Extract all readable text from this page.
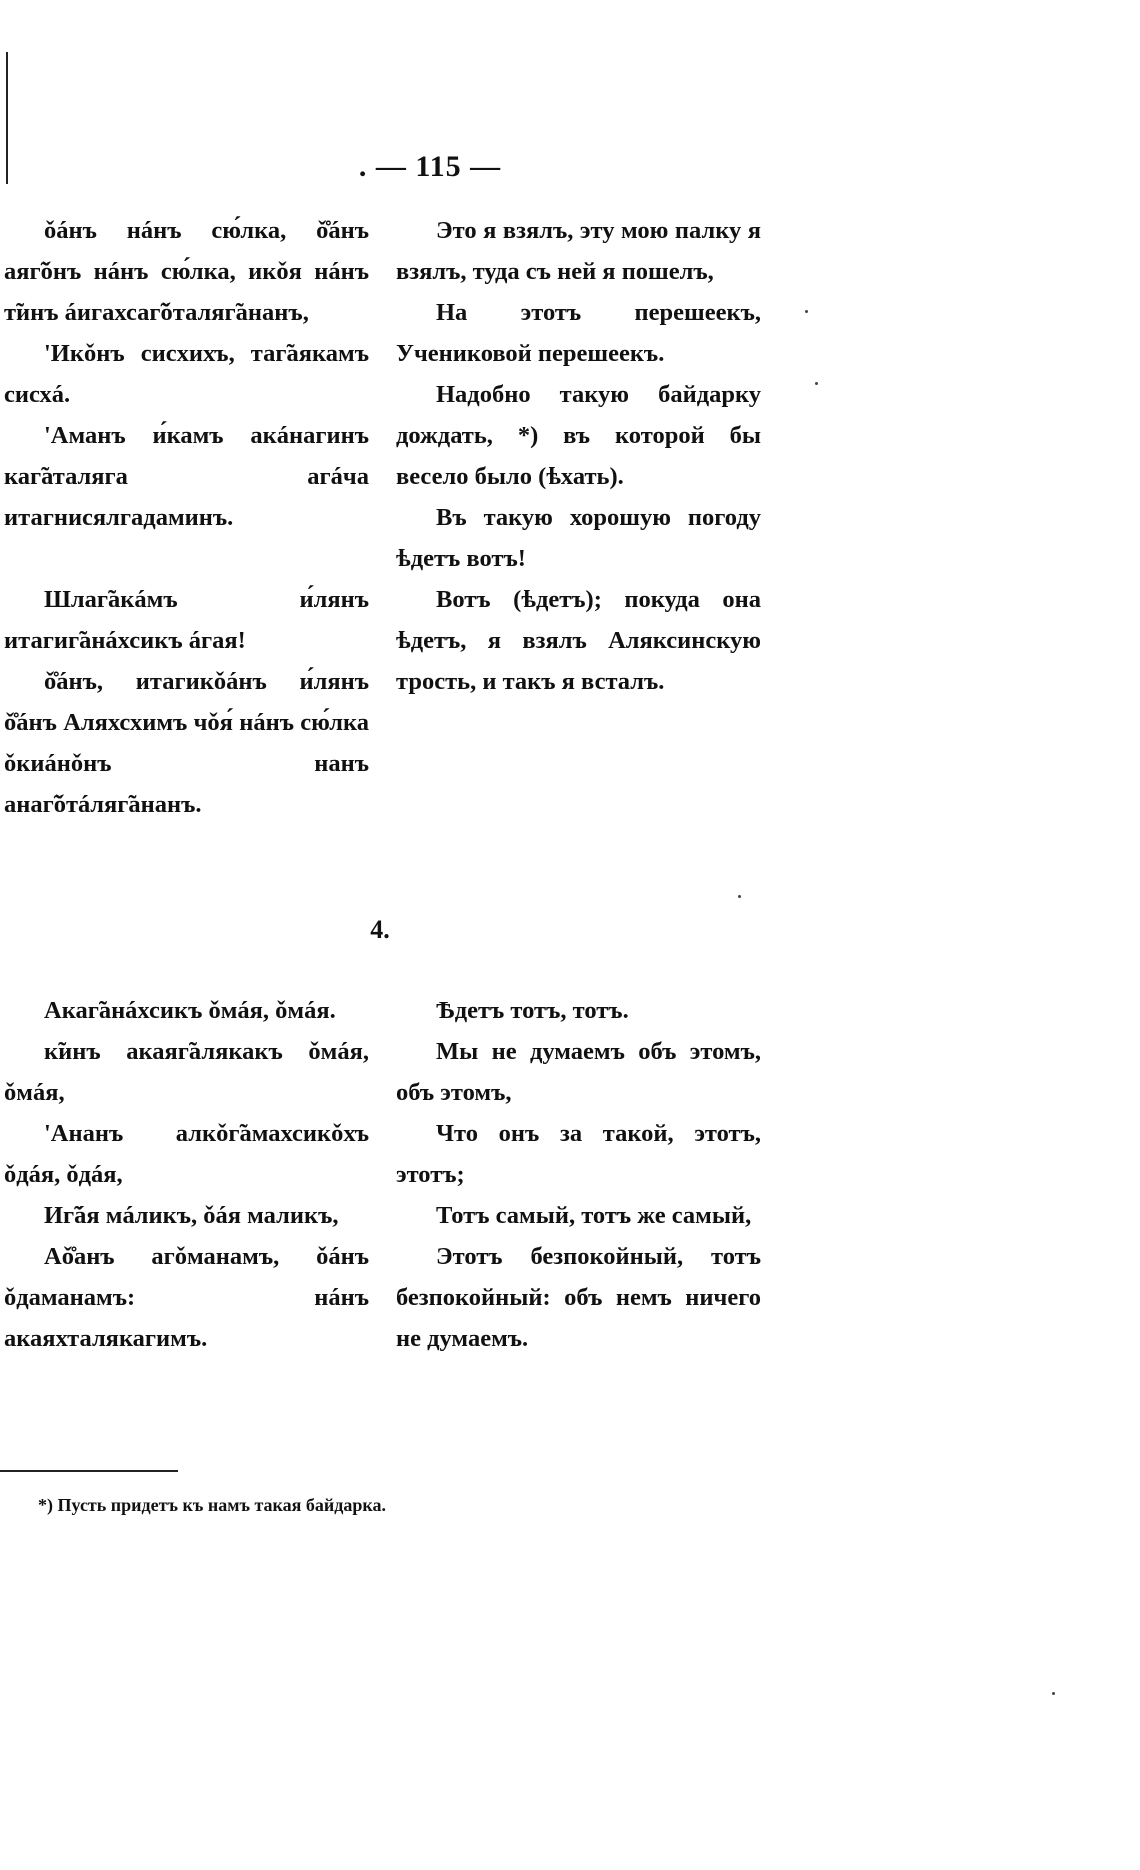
. — 115 —

ǒáнъ нáнъ сю́лка, ǒ̊áнъ аяг̃ǒнъ нáнъ сю́лка, икǒя нáнъ т̃инъ áигахсаг̃ǒталяг̃ананъ,

'Икǒнъ сиcхихъ, таг̃аякамъ сисхá.

'Аманъ и́камъ акáнагинъ каг̃аталяга агáча итагнисялгадаминъ.

Шлаг̃акáмъ и́лянъ итагиг̃анáхсикъ áгая!

ǒ̊áнъ, итагикǒáнъ и́лянъ ǒ̊áнъ Аляхсхимъ чǒя́ нáнъ сю́лка ǒкиáнǒнъ нанъ анаг̃ǒтáляг̃ананъ.

Это я взялъ, эту мою палку я взялъ, туда съ ней я пошелъ,

На этотъ перешеекъ, Учениковой перешеекъ.

Надобно такую байдарку дождать, *) въ которой бы весело было (ѣхать).

Въ такую хорошую погоду ѣдетъ вотъ!

Вотъ (ѣдетъ); покуда она ѣдетъ, я взялъ Аляксинскую трость, и такъ я всталъ.

4.

Акаг̃анáхсикъ ǒмáя, ǒмáя.

к̃инъ акаяг̃алякакъ ǒмáя, ǒмáя,

'Ананъ алкǒг̃амахсикǒхъ ǒдáя, ǒдáя,

Иг̃áя мáликъ, ǒáя маликъ,

Аǒ̊анъ агǒманамъ, ǒáнъ ǒдаманамъ: нáнъ акаяхталякагимъ.

Ѣдетъ тотъ, тотъ.

Мы не думаемъ объ этомъ, объ этомъ,

Что онъ за такой, этотъ, этотъ;

Тотъ самый, тотъ же самый,

Этотъ безпокойный, тотъ безпокойный: объ немъ ничего не думаемъ.

*) Пусть придетъ къ намъ такая байдарка.
